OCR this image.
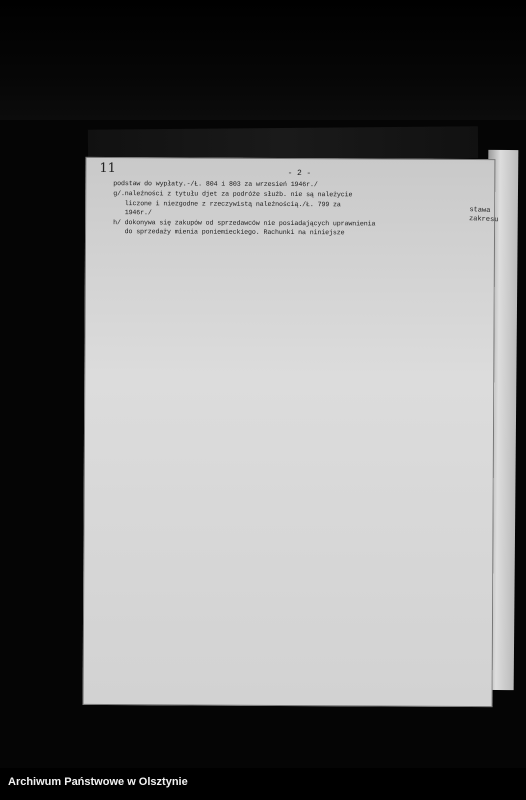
11
stawa zakresu

- 2 -

podstaw do wypłaty.-/Ł. 804 i 803 za wrzesień 1946r./

g/.naleźności z tytułu djet za podróże służb. nie są należycie

liczone i niezgodne z rzeczywistą należnością./Ł. 799 za

1946r./

h/ dokonywa się zakupów od sprzedawców nie posiadających uprawnienia

do sprzedaży mienia poniemieckiego. Rachunki na niniejsze

Archiwum Państwowe w Olsztynie
